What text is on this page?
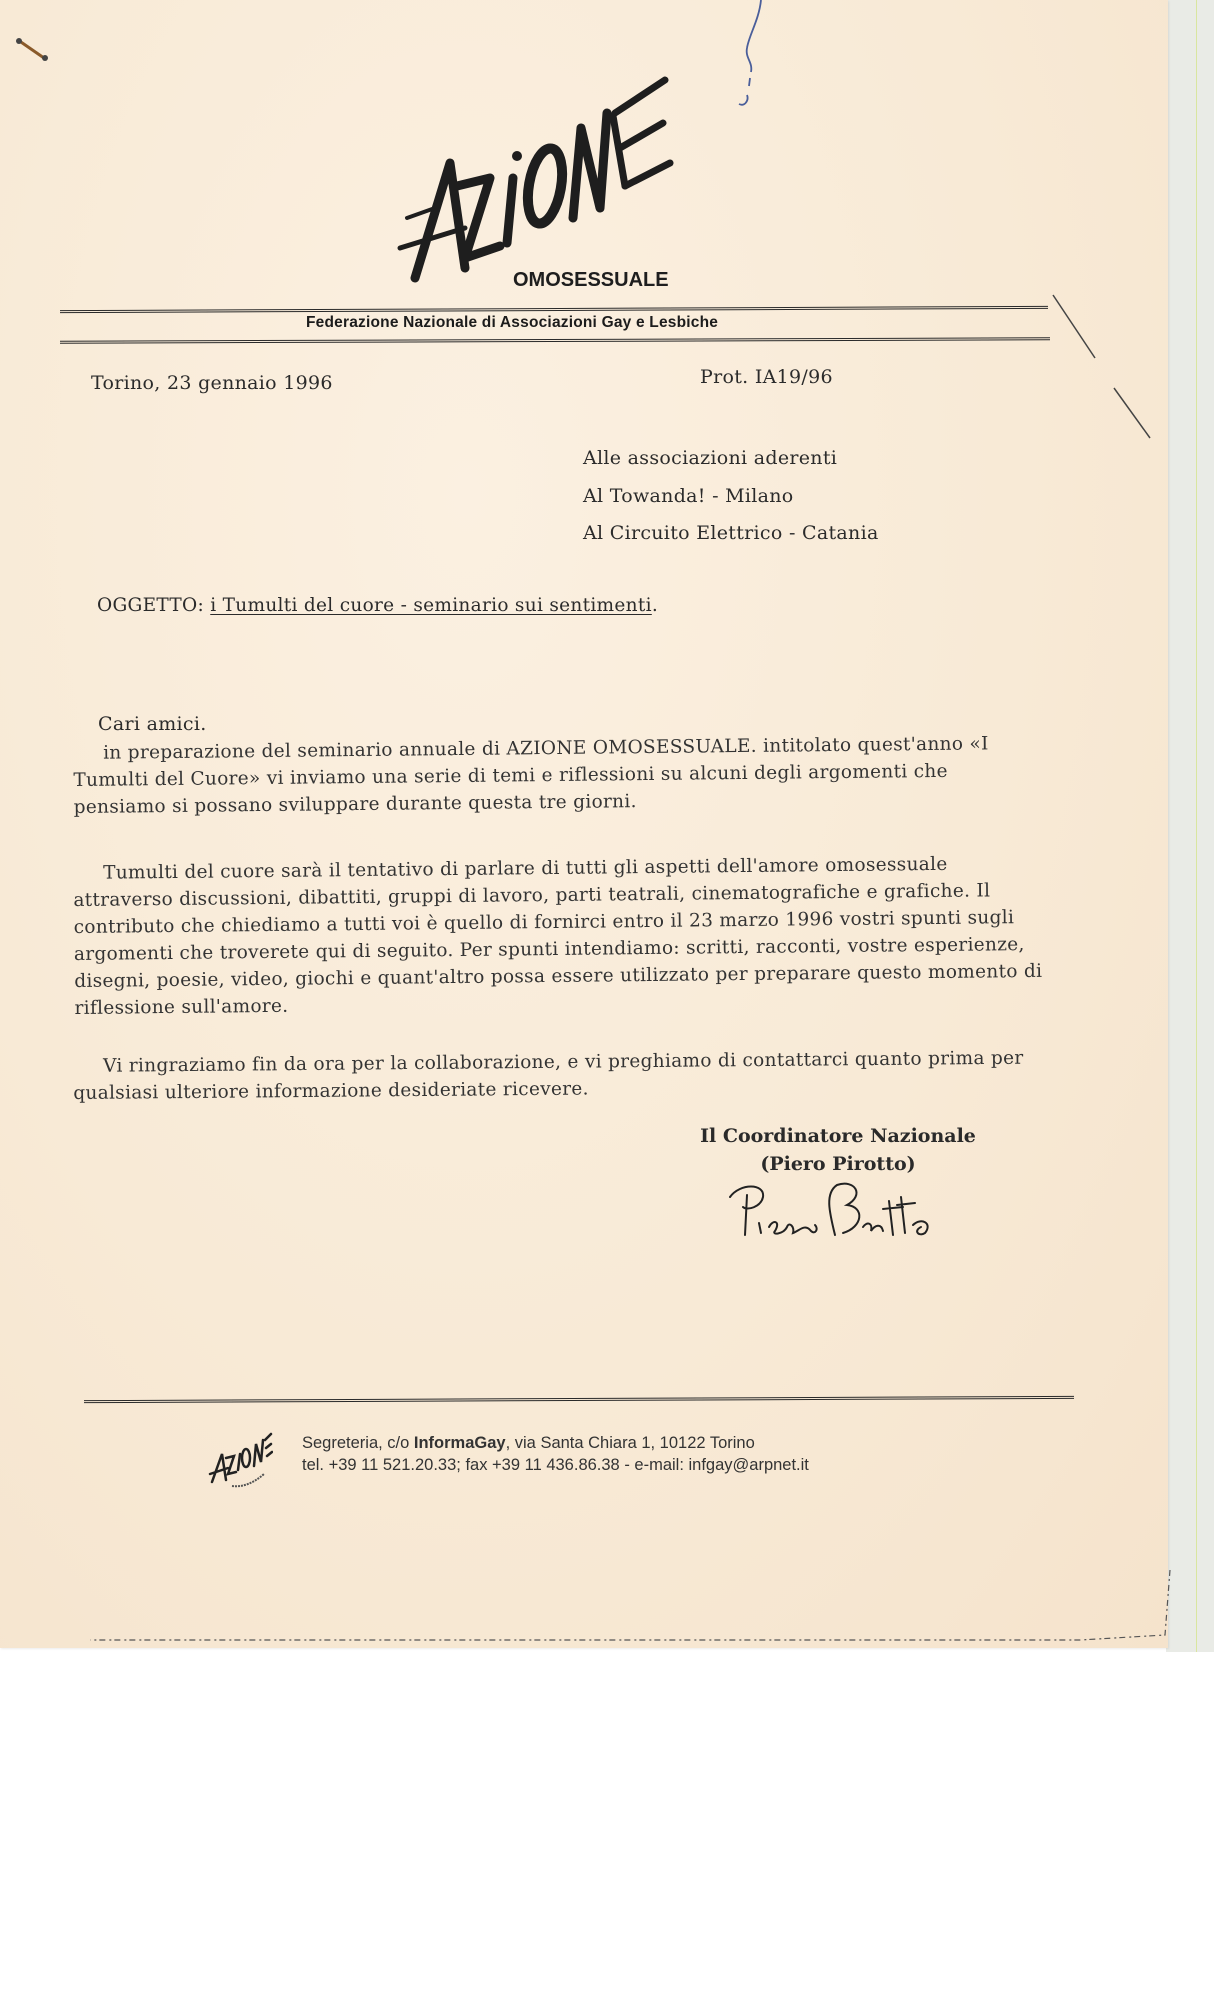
OMOSESSUALE
Federazione Nazionale di Associazioni Gay e Lesbiche
Torino, 23 gennaio 1996	Prot. IA19/96
Alle associazioni aderenti
Al Towanda! - Milano
Al Circuito Elettrico - Catania
OGGETTO: i Tumulti del cuore - seminario sui sentimenti.
Cari amici.
in preparazione del seminario annuale di AZIONE OMOSESSUALE. intitolato quest'anno «I Tumulti del Cuore» vi inviamo una serie di temi e riflessioni su alcuni degli argomenti che pensiamo si possano sviluppare durante questa tre giorni.
Tumulti del cuore sarà il tentativo di parlare di tutti gli aspetti dell'amore omosessuale attraverso discussioni, dibattiti, gruppi di lavoro, parti teatrali, cinematografiche e grafiche. Il contributo che chiediamo a tutti voi è quello di fornirci entro il 23 marzo 1996 vostri spunti sugli argomenti che troverete qui di seguito. Per spunti intendiamo: scritti, racconti, vostre esperienze, disegni, poesie, video, giochi e quant'altro possa essere utilizzato per preparare questo momento di riflessione sull'amore.
Vi ringraziamo fin da ora per la collaborazione, e vi preghiamo di contattarci quanto prima per qualsiasi ulteriore informazione desideriate ricevere.
Il Coordinatore Nazionale
(Piero Pirotto)
Segreteria, c/o InformaGay, via Santa Chiara 1, 10122 Torino
tel. +39 11 521.20.33; fax +39 11 436.86.38 - e-mail: infgay@arpnet.it
